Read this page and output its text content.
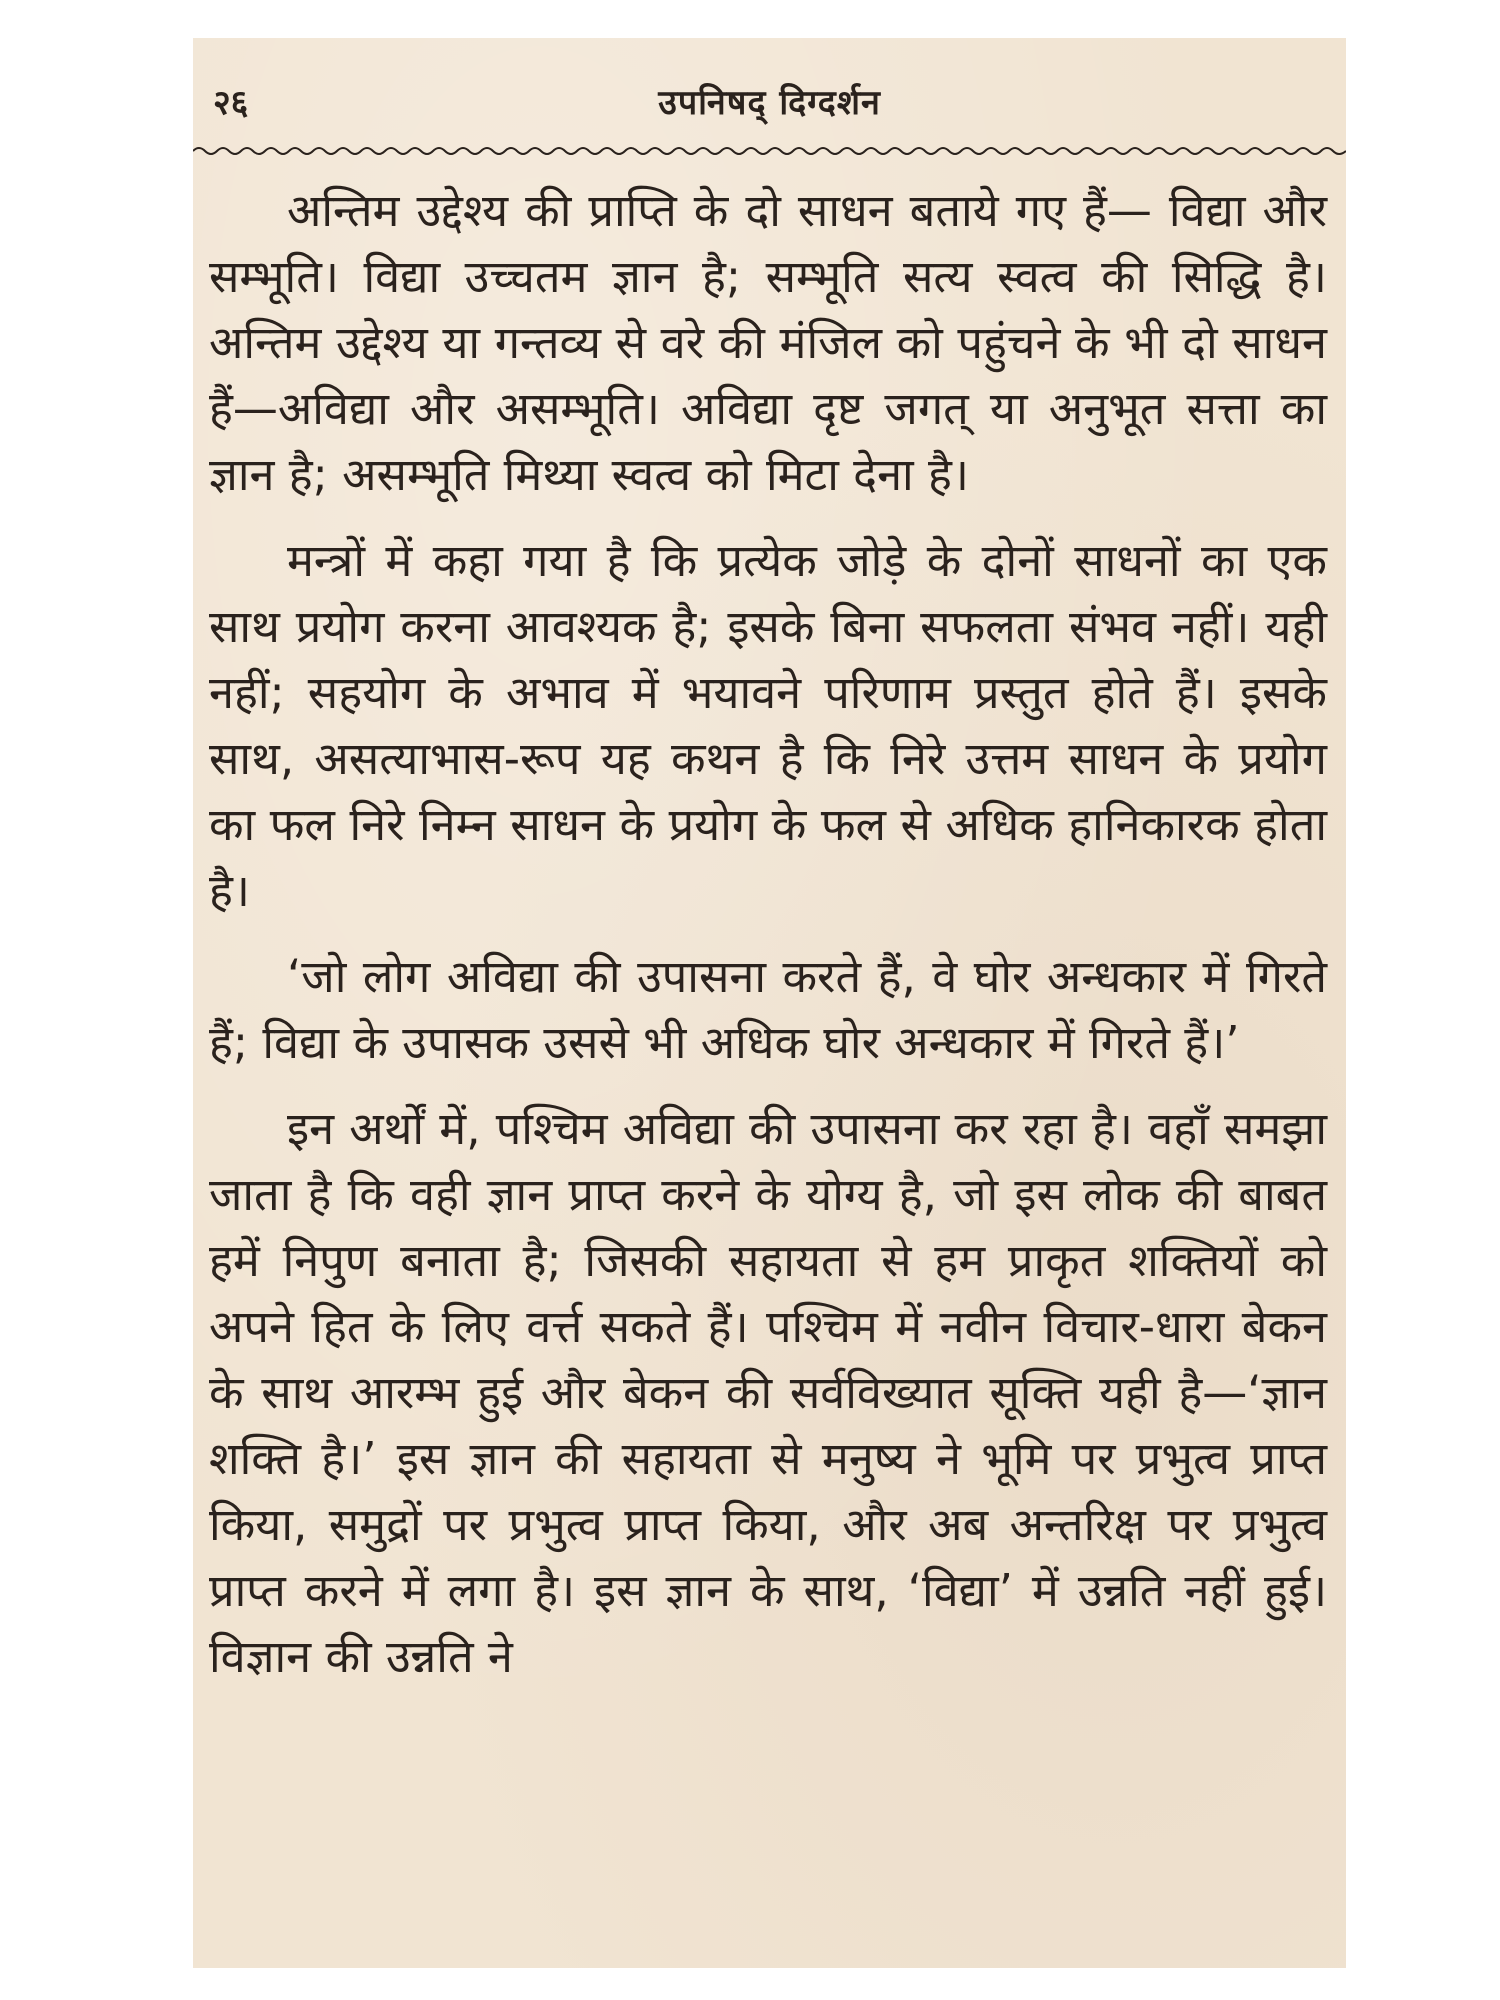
२६	उपनिषद् दिग्दर्शन

अन्तिम उद्देश्य की प्राप्ति के दो साधन बताये गए हैं— विद्या और सम्भूति। विद्या उच्चतम ज्ञान है; सम्भूति सत्य स्वत्व की सिद्धि है। अन्तिम उद्देश्य या गन्तव्य से वरे की मंजिल को पहुंचने के भी दो साधन हैं—अविद्या और असम्भूति। अविद्या दृष्ट जगत् या अनुभूत सत्ता का ज्ञान है; असम्भूति मिथ्या स्वत्व को मिटा देना है।

मन्त्रों में कहा गया है कि प्रत्येक जोड़े के दोनों साधनों का एक साथ प्रयोग करना आवश्यक है; इसके बिना सफलता संभव नहीं। यही नहीं; सहयोग के अभाव में भयावने परिणाम प्रस्तुत होते हैं। इसके साथ, असत्याभास-रूप यह कथन है कि निरे उत्तम साधन के प्रयोग का फल निरे निम्न साधन के प्रयोग के फल से अधिक हानिकारक होता है।

‘जो लोग अविद्या की उपासना करते हैं, वे घोर अन्धकार में गिरते हैं; विद्या के उपासक उससे भी अधिक घोर अन्धकार में गिरते हैं।’

इन अर्थों में, पश्चिम अविद्या की उपासना कर रहा है। वहाँ समझा जाता है कि वही ज्ञान प्राप्त करने के योग्य है, जो इस लोक की बाबत हमें निपुण बनाता है; जिसकी सहायता से हम प्राकृत शक्तियों को अपने हित के लिए वर्त्त सकते हैं। पश्चिम में नवीन विचार-धारा बेकन के साथ आरम्भ हुई और बेकन की सर्वविख्यात सूक्ति यही है—‘ज्ञान शक्ति है।’ इस ज्ञान की सहायता से मनुष्य ने भूमि पर प्रभुत्व प्राप्त किया, समुद्रों पर प्रभुत्व प्राप्त किया, और अब अन्तरिक्ष पर प्रभुत्व प्राप्त करने में लगा है। इस ज्ञान के साथ, ‘विद्या’ में उन्नति नहीं हुई। विज्ञान की उन्नति ने
